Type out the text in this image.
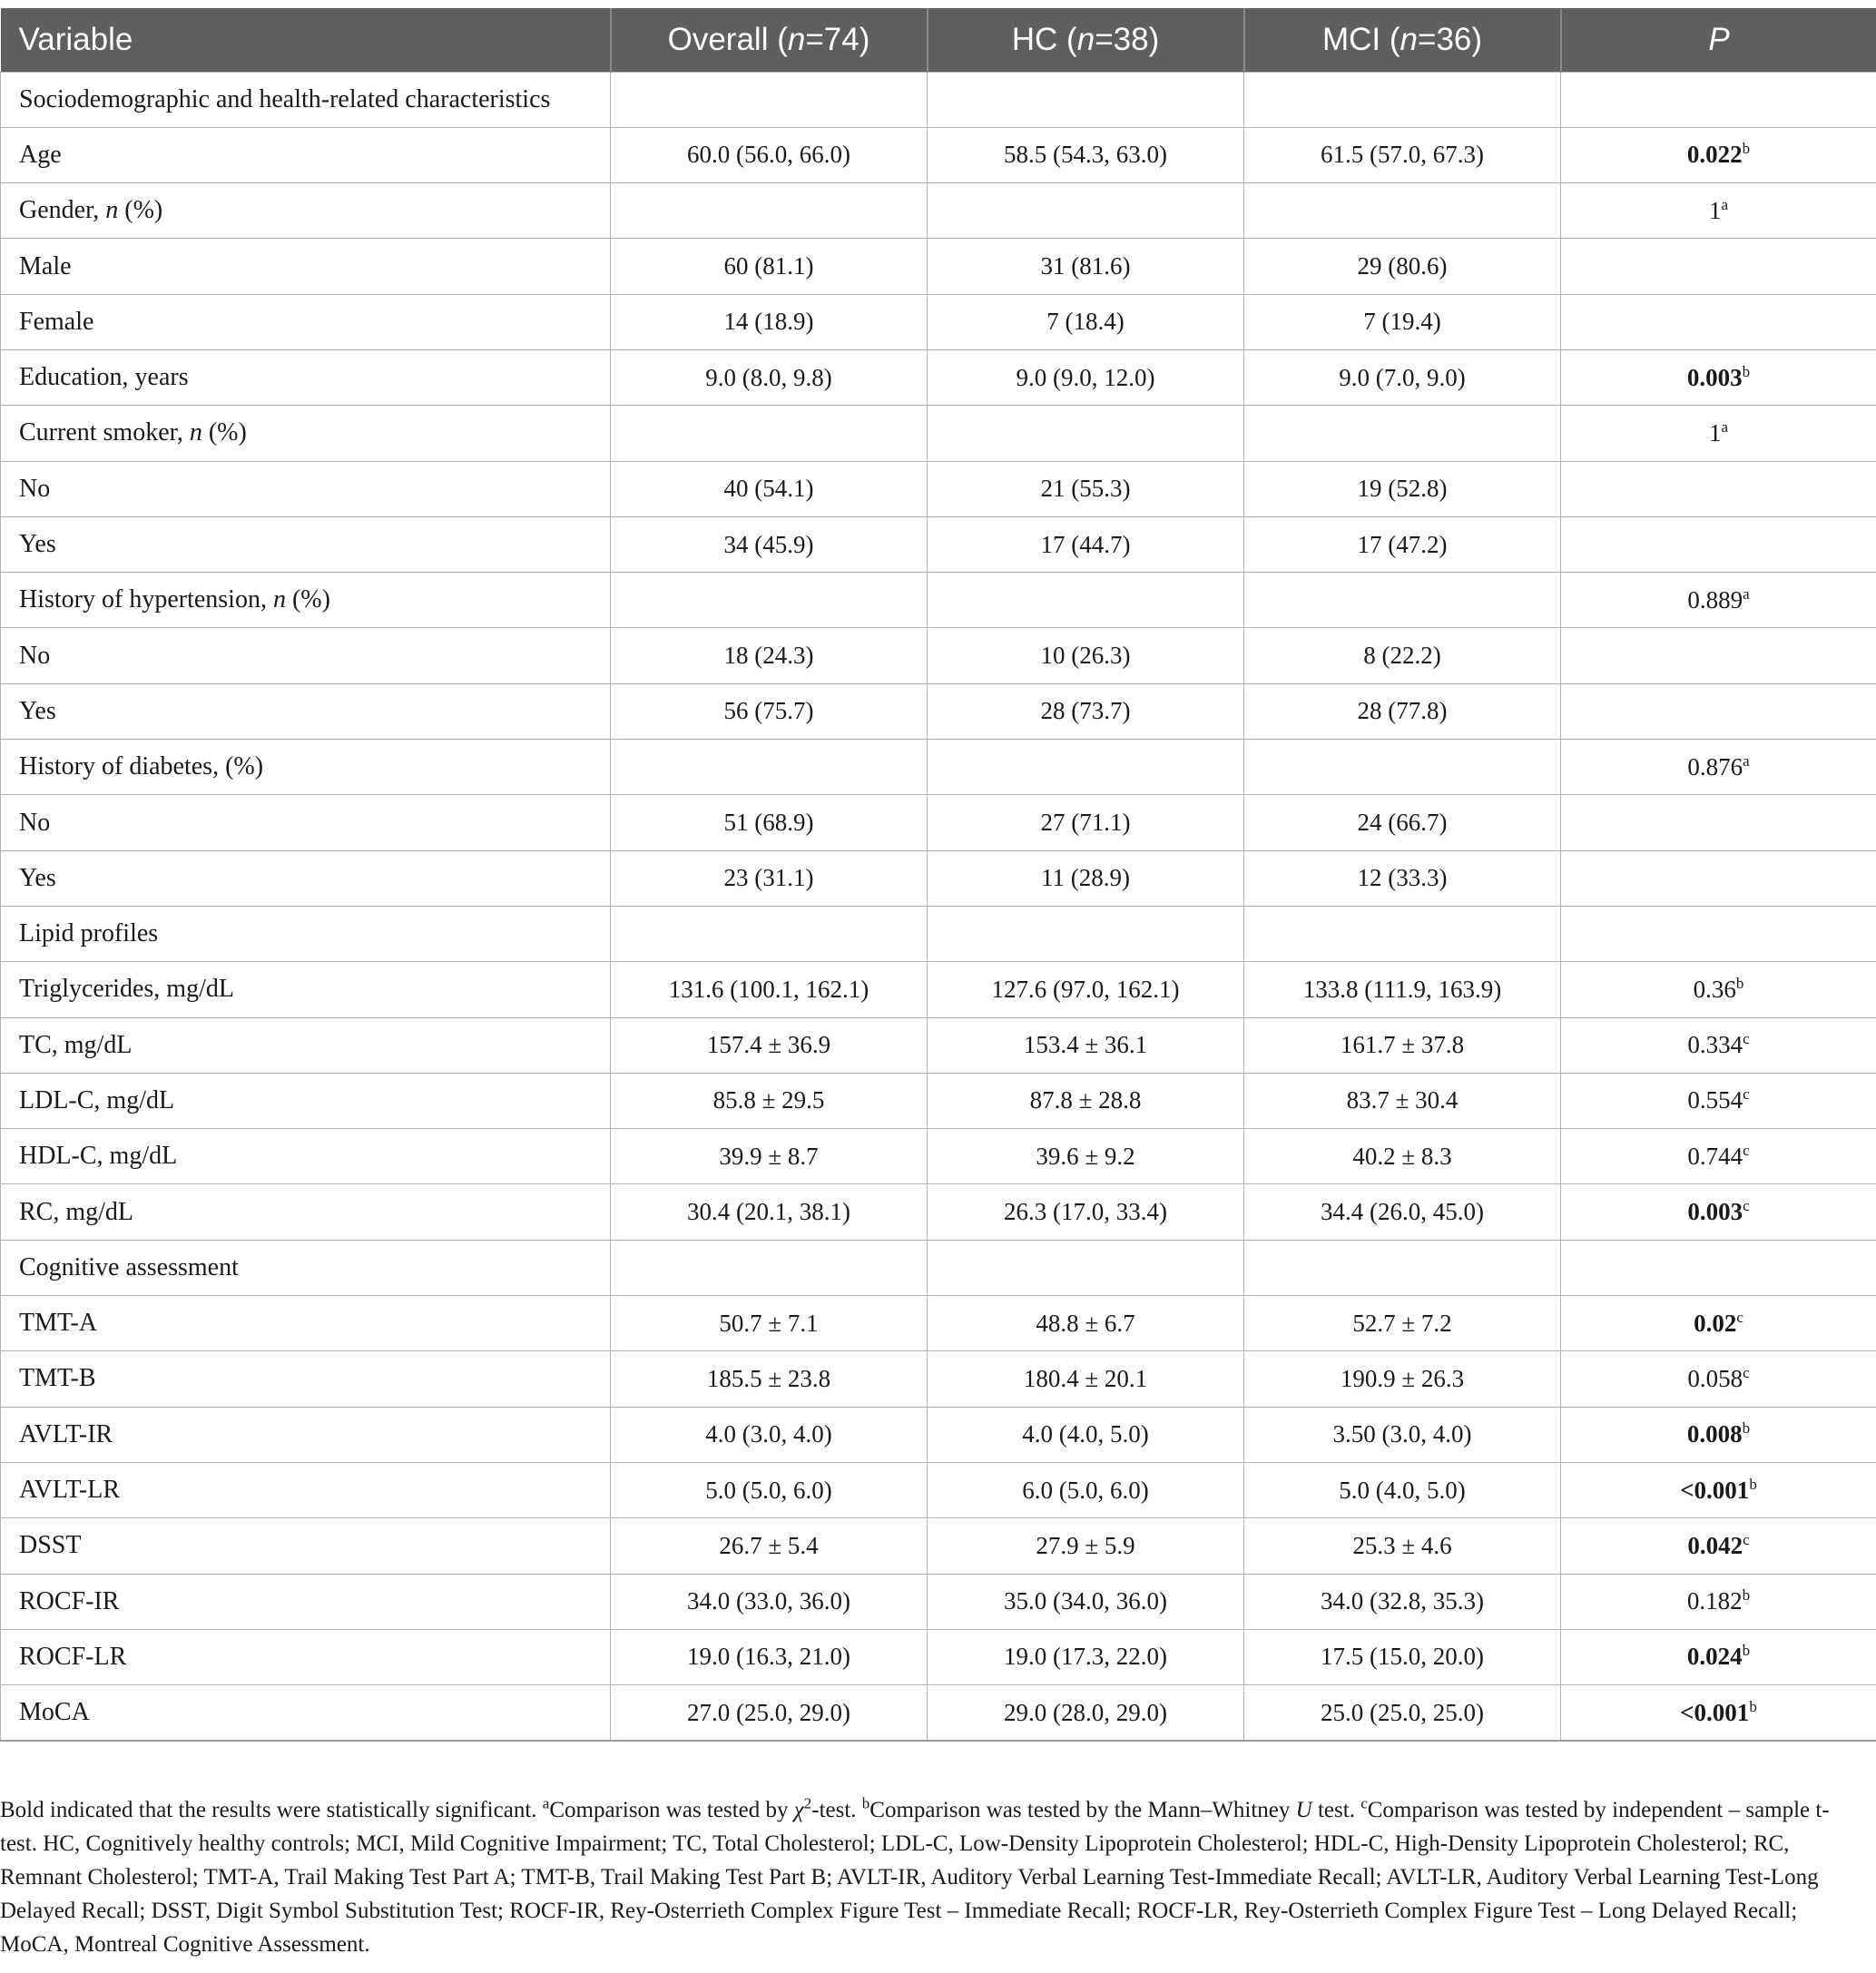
Variable	Overall (n=74)	HC (n=38)	MCI (n=36)	P
Sociodemographic and health-related characteristics				
Age	60.0 (56.0, 66.0)	58.5 (54.3, 63.0)	61.5 (57.0, 67.3)	0.022$^b$
Gender, n (%)				1$^a$
Male	60 (81.1)	31 (81.6)	29 (80.6)	
Female	14 (18.9)	7 (18.4)	7 (19.4)	
Education, years	9.0 (8.0, 9.8)	9.0 (9.0, 12.0)	9.0 (7.0, 9.0)	0.003$^b$
Current smoker, n (%)				1$^a$
No	40 (54.1)	21 (55.3)	19 (52.8)	
Yes	34 (45.9)	17 (44.7)	17 (47.2)	
History of hypertension, n (%)				0.889$^a$
No	18 (24.3)	10 (26.3)	8 (22.2)	
Yes	56 (75.7)	28 (73.7)	28 (77.8)	
History of diabetes, (%)				0.876$^a$
No	51 (68.9)	27 (71.1)	24 (66.7)	
Yes	23 (31.1)	11 (28.9)	12 (33.3)	
Lipid profiles				
Triglycerides, mg/dL	131.6 (100.1, 162.1)	127.6 (97.0, 162.1)	133.8 (111.9, 163.9)	0.36$^b$
TC, mg/dL	157.4 ± 36.9	153.4 ± 36.1	161.7 ± 37.8	0.334$^c$
LDL-C, mg/dL	85.8 ± 29.5	87.8 ± 28.8	83.7 ± 30.4	0.554$^c$
HDL-C, mg/dL	39.9 ± 8.7	39.6 ± 9.2	40.2 ± 8.3	0.744$^c$
RC, mg/dL	30.4 (20.1, 38.1)	26.3 (17.0, 33.4)	34.4 (26.0, 45.0)	0.003$^c$
Cognitive assessment				
TMT-A	50.7 ± 7.1	48.8 ± 6.7	52.7 ± 7.2	0.02$^c$
TMT-B	185.5 ± 23.8	180.4 ± 20.1	190.9 ± 26.3	0.058$^c$
AVLT-IR	4.0 (3.0, 4.0)	4.0 (4.0, 5.0)	3.50 (3.0, 4.0)	0.008$^b$
AVLT-LR	5.0 (5.0, 6.0)	6.0 (5.0, 6.0)	5.0 (4.0, 5.0)	<0.001$^b$
DSST	26.7 ± 5.4	27.9 ± 5.9	25.3 ± 4.6	0.042$^c$
ROCF-IR	34.0 (33.0, 36.0)	35.0 (34.0, 36.0)	34.0 (32.8, 35.3)	0.182$^b$
ROCF-LR	19.0 (16.3, 21.0)	19.0 (17.3, 22.0)	17.5 (15.0, 20.0)	0.024$^b$
MoCA	27.0 (25.0, 29.0)	29.0 (28.0, 29.0)	25.0 (25.0, 25.0)	<0.001$^b$
Bold indicated that the results were statistically significant. $^a$Comparison was tested by $\chi^2$-test. $^b$Comparison was tested by the Mann–Whitney U test. $^c$Comparison was tested by independent – sample t-test. HC, Cognitively healthy controls; MCI, Mild Cognitive Impairment; TC, Total Cholesterol; LDL-C, Low-Density Lipoprotein Cholesterol; HDL-C, High-Density Lipoprotein Cholesterol; RC, Remnant Cholesterol; TMT-A, Trail Making Test Part A; TMT-B, Trail Making Test Part B; AVLT-IR, Auditory Verbal Learning Test-Immediate Recall; AVLT-LR, Auditory Verbal Learning Test-Long Delayed Recall; DSST, Digit Symbol Substitution Test; ROCF-IR, Rey-Osterrieth Complex Figure Test – Immediate Recall; ROCF-LR, Rey-Osterrieth Complex Figure Test – Long Delayed Recall; MoCA, Montreal Cognitive Assessment.
